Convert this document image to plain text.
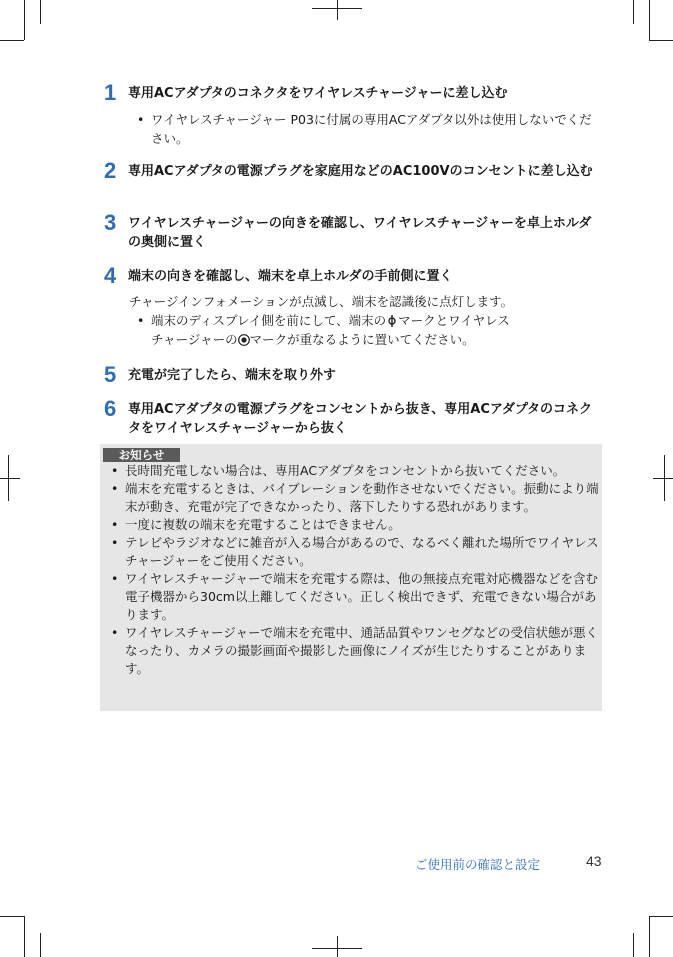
1 専用ACアダプタのコネクタをワイヤレスチャージャーに差し込む
• ワイヤレスチャージャー P03に付属の専用ACアダプタ以外は使用しないでください。
2 専用ACアダプタの電源プラグを家庭用などのAC100Vのコンセントに差し込む
3 ワイヤレスチャージャーの向きを確認し、ワイヤレスチャージャーを卓上ホルダの奥側に置く
4 端末の向きを確認し、端末を卓上ホルダの手前側に置く
チャージインフォメーションが点滅し、端末を認識後に点灯します。
• 端末のディスプレイ側を前にして、端末の マークとワイヤレス
チャージャーの マークが重なるように置いてください。
5 充電が完了したら、端末を取り外す
6 専用ACアダプタの電源プラグをコンセントから抜き、専用ACアダプタのコネクタをワイヤレスチャージャーから抜く
お知らせ
• 長時間充電しない場合は、専用ACアダプタをコンセントから抜いてください。
• 端末を充電するときは、バイブレーションを動作させないでください。振動により端末が動き、充電が完了できなかったり、落下したりする恐れがあります。
• 一度に複数の端末を充電することはできません。
• テレビやラジオなどに雑音が入る場合があるので、なるべく離れた場所でワイヤレスチャージャーをご使用ください。
• ワイヤレスチャージャーで端末を充電する際は、他の無接点充電対応機器などを含む電子機器から30cm以上離してください。正しく検出できず、充電できない場合があります。
• ワイヤレスチャージャーで端末を充電中、通話品質やワンセグなどの受信状態が悪くなったり、カメラの撮影画面や撮影した画像にノイズが生じたりすることがあります。
ご使用前の確認と設定	43
